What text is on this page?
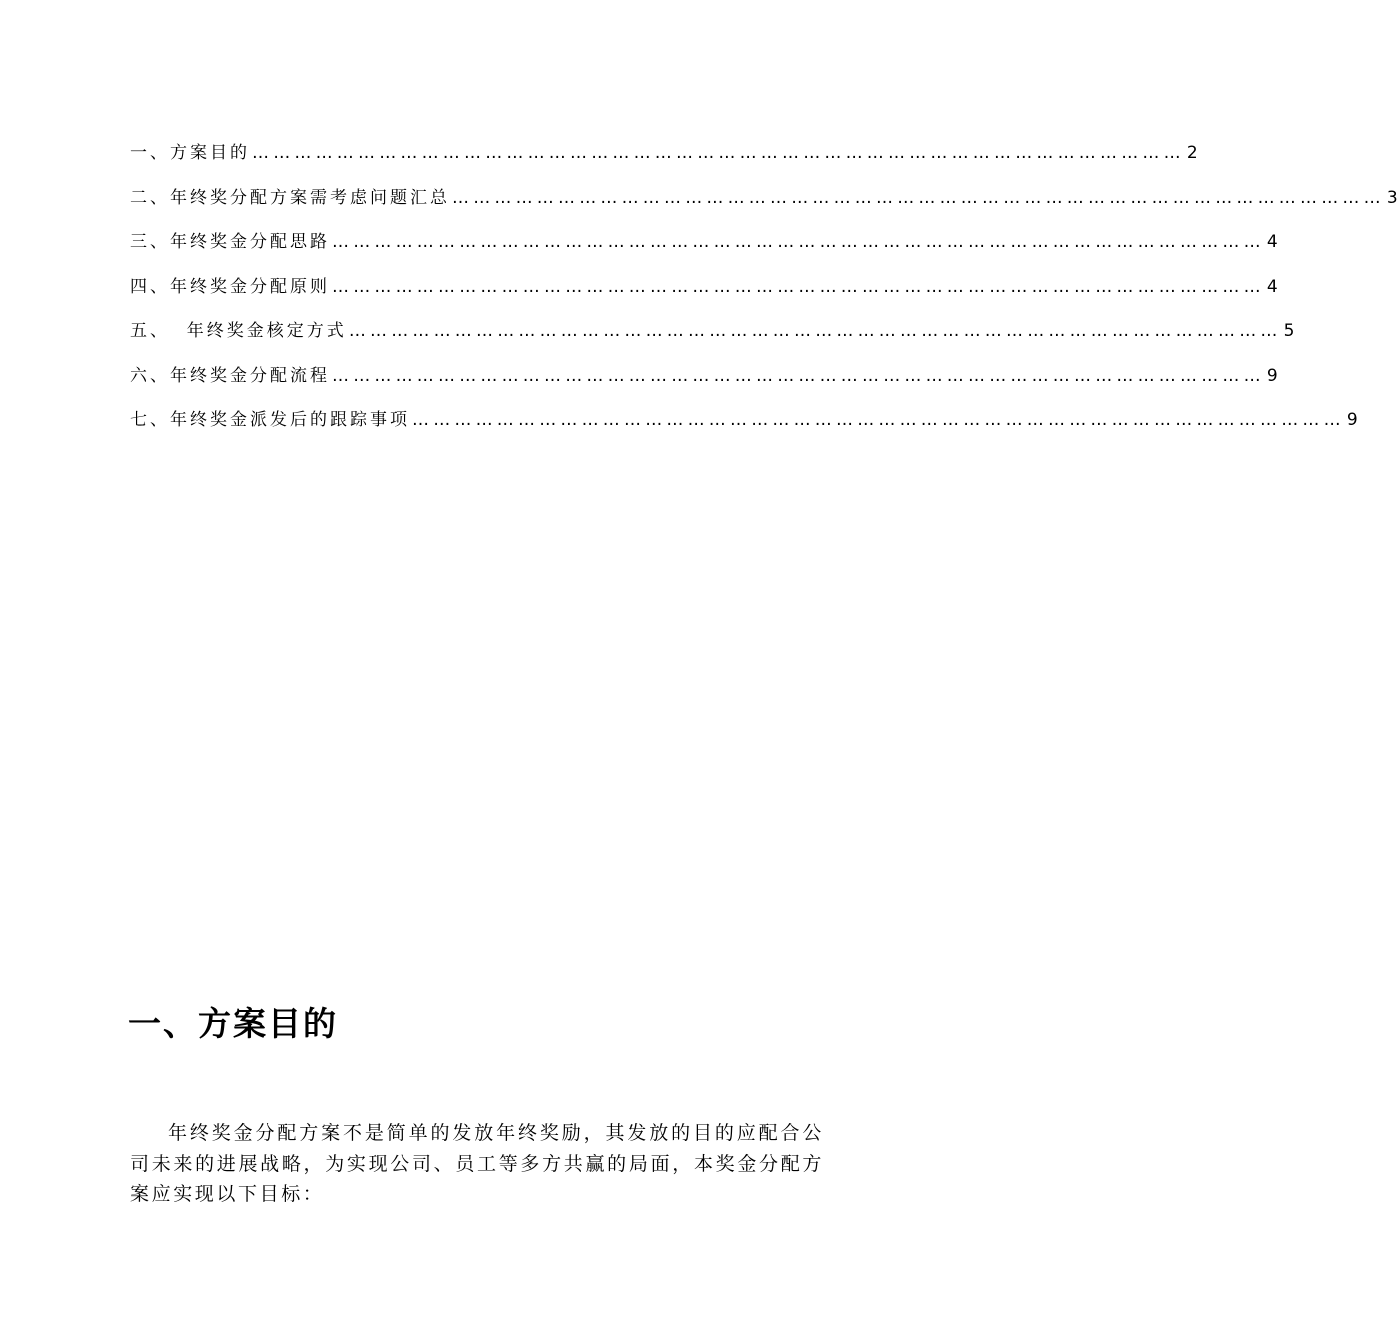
一、方案目的 …………………………………………………………………………………………………………………… 2
二、年终奖分配方案需考虑问题汇总 …………………………………………………………………………………………………………………… 3
三、年终奖金分配思路 …………………………………………………………………………………………………………………… 4
四、年终奖金分配原则 …………………………………………………………………………………………………………………… 4
五、  年终奖金核定方式 …………………………………………………………………………………………………………………… 5
六、年终奖金分配流程 …………………………………………………………………………………………………………………… 9
七、年终奖金派发后的跟踪事项 …………………………………………………………………………………………………………………… 9
一、方案目的

年终奖金分配方案不是简单的发放年终奖励，其发放的目的应配合公司未来的进展战略，为实现公司、员工等多方共赢的局面，本奖金分配方案应实现以下目标：
